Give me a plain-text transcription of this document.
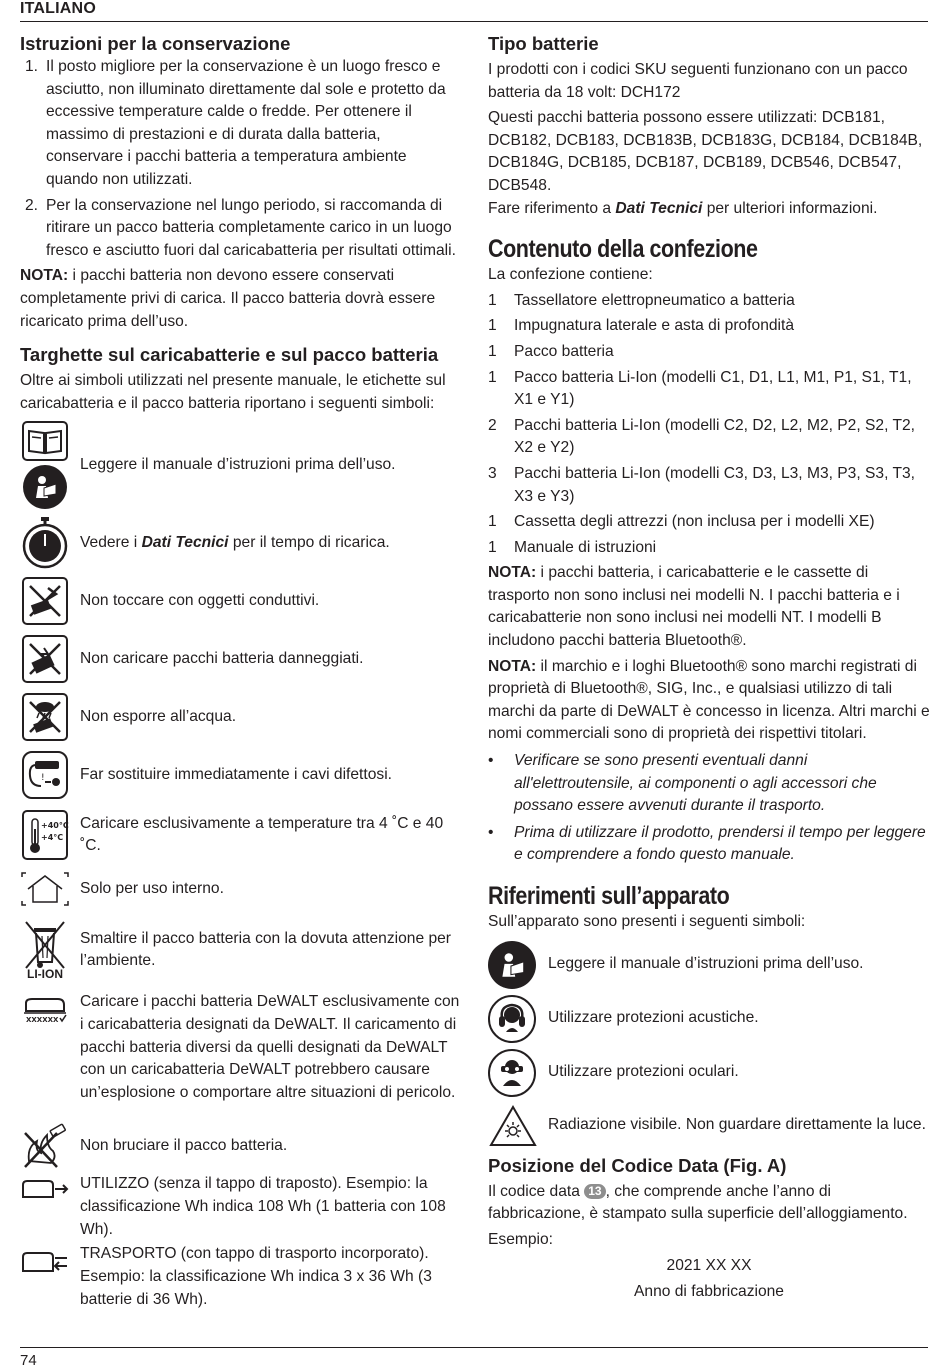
ITALIANO
Istruzioni per la conservazione
1. Il posto migliore per la conservazione è un luogo fresco e asciutto, non illuminato direttamente dal sole e protetto da eccessive temperature calde o fredde. Per ottenere il massimo di prestazioni e di durata dalla batteria, conservare i pacchi batteria a temperatura ambiente quando non utilizzati.
2. Per la conservazione nel lungo periodo, si raccomanda di ritirare un pacco batteria completamente carico in un luogo fresco e asciutto fuori dal caricabatteria per risultati ottimali.

NOTA: i pacchi batteria non devono essere conservati completamente privi di carica. Il pacco batteria dovrà essere ricaricato prima dell’uso.

Targhette sul caricabatterie e sul pacco batteria

Oltre ai simboli utilizzati nel presente manuale, le etichette sul caricabatteria e il pacco batteria riportano i seguenti simboli:

Leggere il manuale d’istruzioni prima dell’uso.
Vedere i Dati Tecnici per il tempo di ricarica.
Non toccare con oggetti conduttivi.
Non caricare pacchi batteria danneggiati.
Non esporre all’acqua.
! Far sostituire immediatamente i cavi difettosi.
+40°C
+4°C
Caricare esclusivamente a temperature tra 4 ˚C e 40 ˚C.
Solo per uso interno.
LI-ION
Smaltire il pacco batteria con la dovuta attenzione per l’ambiente.
XXXXXX
Caricare i pacchi batteria DeWALT esclusivamente con i caricabatteria designati da DeWALT. Il caricamento di pacchi batteria diversi da quelli designati da DeWALT con un caricabatteria DeWALT potrebbero causare un’esplosione o comportare altre situazioni di pericolo.
Non bruciare il pacco batteria.
UTILIZZO (senza il tappo di traposto). Esempio: la classificazione Wh indica 108 Wh (1 batteria con 108 Wh).
TRASPORTO (con tappo di trasporto incorporato). Esempio: la classificazione Wh indica 3 x 36 Wh (3 batterie di 36 Wh).
Tipo batterie

I prodotti con i codici SKU seguenti funzionano con un pacco batteria da 18 volt: DCH172

Questi pacchi batteria possono essere utilizzati: DCB181, DCB182, DCB183, DCB183B, DCB183G, DCB184, DCB184B, DCB184G, DCB185, DCB187, DCB189, DCB546, DCB547, DCB548.

Fare riferimento a Dati Tecnici per ulteriori informazioni.

Contenuto della confezione

La confezione contiene:

1	Tassellatore elettropneumatico a batteria
1	Impugnatura laterale e asta di profondità
1	Pacco batteria
1	Pacco batteria Li-Ion (modelli C1, D1, L1, M1, P1, S1, T1, X1 e Y1)
2	Pacchi batteria Li-Ion (modelli C2, D2, L2, M2, P2, S2, T2, X2 e Y2)
3	Pacchi batteria Li-Ion (modelli C3, D3, L3, M3, P3, S3, T3, X3 e Y3)
1	Cassetta degli attrezzi (non inclusa per i modelli XE)
1	Manuale di istruzioni

NOTA: i pacchi batteria, i caricabatterie e le cassette di trasporto non sono inclusi nei modelli N. I pacchi batteria e i caricabatterie non sono inclusi nei modelli NT. I modelli B includono pacchi batteria Bluetooth®.

NOTA: il marchio e i loghi Bluetooth® sono marchi registrati di proprietà di Bluetooth®, SIG, Inc., e qualsiasi utilizzo di tali marchi da parte di DeWALT è concesso in licenza. Altri marchi e nomi commerciali sono di proprietà dei rispettivi titolari.

•	Verificare se sono presenti eventuali danni all'elettroutensile, ai componenti o agli accessori che possano essere avvenuti durante il trasporto.
•	Prima di utilizzare il prodotto, prendersi il tempo per leggere e comprendere a fondo questo manuale.
Riferimenti sull’apparato

Sull’apparato sono presenti i seguenti simboli:

Leggere il manuale d’istruzioni prima dell’uso.
Utilizzare protezioni acustiche.
Utilizzare protezioni oculari.
Radiazione visibile. Non guardare direttamente la luce.
Posizione del Codice Data (Fig. A)

Il codice data 13 , che comprende anche l’anno di fabbricazione, è stampato sulla superficie dell’alloggiamento.

Esempio:

2021 XX XX

Anno di fabbricazione

74
